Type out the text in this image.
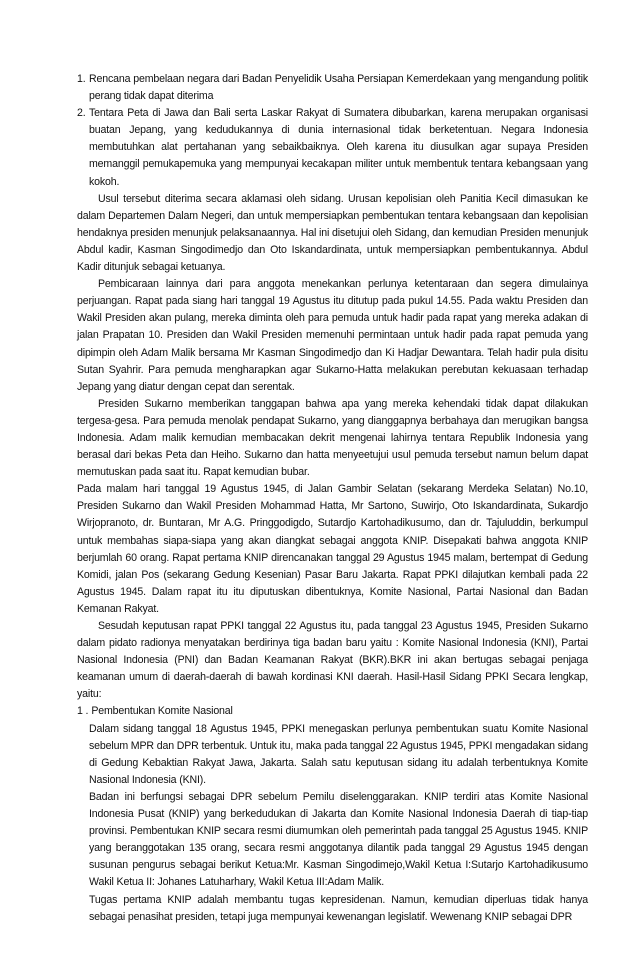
1. Rencana pembelaan negara dari Badan Penyelidik Usaha Persiapan Kemerdekaan yang mengandung politik perang tidak dapat diterima
2. Tentara Peta di Jawa dan Bali serta Laskar Rakyat di Sumatera dibubarkan, karena merupakan organisasi buatan Jepang, yang kedudukannya di dunia internasional tidak berketentuan. Negara Indonesia membutuhkan alat pertahanan yang sebaikbaiknya. Oleh karena itu diusulkan agar supaya Presiden memanggil pemukapemuka yang mempunyai kecakapan militer untuk membentuk tentara kebangsaan yang kokoh.

Usul tersebut diterima secara aklamasi oleh sidang. Urusan kepolisian oleh Panitia Kecil dimasukan ke dalam Departemen Dalam Negeri, dan untuk mempersiapkan pembentukan tentara kebangsaan dan kepolisian hendaknya presiden menunjuk pelaksanaannya. Hal ini disetujui oleh Sidang, dan kemudian Presiden menunjuk Abdul kadir, Kasman Singodimedjo dan Oto Iskandardinata, untuk mempersiapkan pembentukannya. Abdul Kadir ditunjuk sebagai ketuanya.

Pembicaraan lainnya dari para anggota menekankan perlunya ketentaraan dan segera dimulainya perjuangan. Rapat pada siang hari tanggal 19 Agustus itu ditutup pada pukul 14.55. Pada waktu Presiden dan Wakil Presiden akan pulang, mereka diminta oleh para pemuda untuk hadir pada rapat yang mereka adakan di jalan Prapatan 10. Presiden dan Wakil Presiden memenuhi permintaan untuk hadir pada rapat pemuda yang dipimpin oleh Adam Malik bersama Mr Kasman Singodimedjo dan Ki Hadjar Dewantara. Telah hadir pula disitu Sutan Syahrir. Para pemuda mengharapkan agar Sukarno-Hatta melakukan perebutan kekuasaan terhadap Jepang yang diatur dengan cepat dan serentak.

Presiden Sukarno memberikan tanggapan bahwa apa yang mereka kehendaki tidak dapat dilakukan tergesa-gesa. Para pemuda menolak pendapat Sukarno, yang dianggapnya berbahaya dan merugikan bangsa Indonesia. Adam malik kemudian membacakan dekrit mengenai lahirnya tentara Republik Indonesia yang berasal dari bekas Peta dan Heiho. Sukarno dan hatta menyeetujui usul pemuda tersebut namun belum dapat memutuskan pada saat itu. Rapat kemudian bubar.

Pada malam hari tanggal 19 Agustus 1945, di Jalan Gambir Selatan (sekarang Merdeka Selatan) No.10, Presiden Sukarno dan Wakil Presiden Mohammad Hatta, Mr Sartono, Suwirjo, Oto Iskandardinata, Sukardjo Wirjopranoto, dr. Buntaran, Mr A.G. Pringgodigdo, Sutardjo Kartohadikusumo, dan dr. Tajuluddin, berkumpul untuk membahas siapa-siapa yang akan diangkat sebagai anggota KNIP. Disepakati bahwa anggota KNIP berjumlah 60 orang. Rapat pertama KNIP direncanakan tanggal 29 Agustus 1945 malam, bertempat di Gedung Komidi, jalan Pos (sekarang Gedung Kesenian) Pasar Baru Jakarta. Rapat PPKI dilajutkan kembali pada 22 Agustus 1945. Dalam rapat itu itu diputuskan dibentuknya, Komite Nasional, Partai Nasional dan Badan Kemanan Rakyat.

Sesudah keputusan rapat PPKI tanggal 22 Agustus itu, pada tanggal 23 Agustus 1945, Presiden Sukarno dalam pidato radionya menyatakan berdirinya tiga badan baru yaitu : Komite Nasional Indonesia (KNI), Partai Nasional Indonesia (PNI) dan Badan Keamanan Rakyat (BKR).BKR ini akan bertugas sebagai penjaga keamanan umum di daerah-daerah di bawah kordinasi KNI daerah. Hasil-Hasil Sidang PPKI Secara lengkap, yaitu:

1 . Pembentukan Komite Nasional

Dalam sidang tanggal 18 Agustus 1945, PPKI menegaskan perlunya pembentukan suatu Komite Nasional sebelum MPR dan DPR terbentuk. Untuk itu, maka pada tanggal 22 Agustus 1945, PPKI mengadakan sidang di Gedung Kebaktian Rakyat Jawa, Jakarta. Salah satu keputusan sidang itu adalah terbentuknya Komite Nasional Indonesia (KNI).

Badan ini berfungsi sebagai DPR sebelum Pemilu diselenggarakan. KNIP terdiri atas Komite Nasional Indonesia Pusat (KNIP) yang berkedudukan di Jakarta dan Komite Nasional Indonesia Daerah di tiap-tiap provinsi. Pembentukan KNIP secara resmi diumumkan oleh pemerintah pada tanggal 25 Agustus 1945. KNIP yang beranggotakan 135 orang, secara resmi anggotanya dilantik pada tanggal 29 Agustus 1945 dengan susunan pengurus sebagai berikut Ketua:Mr. Kasman Singodimejo,Wakil Ketua I:Sutarjo Kartohadikusumo Wakil Ketua II: Johanes Latuharhary, Wakil Ketua III:Adam Malik.

Tugas pertama KNIP adalah membantu tugas kepresidenan. Namun, kemudian diperluas tidak hanya sebagai penasihat presiden, tetapi juga mempunyai kewenangan legislatif. Wewenang KNIP sebagai DPR
